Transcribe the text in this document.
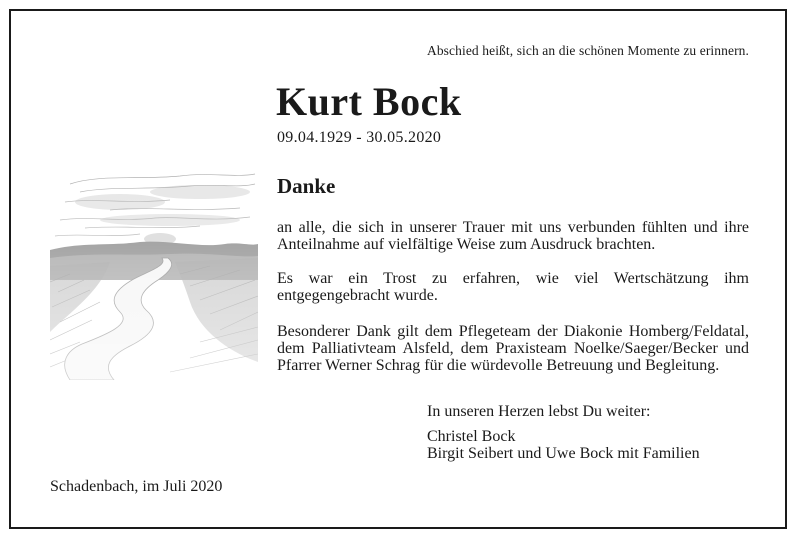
Abschied heißt, sich an die schönen Momente zu erinnern.
Kurt Bock
09.04.1929 - 30.05.2020
Danke
an alle, die sich in unserer Trauer mit uns verbunden fühlten und ihre Anteilnahme auf vielfältige Weise zum Ausdruck brachten.
Es war ein Trost zu erfahren, wie viel Wertschätzung ihm entgegengebracht wurde.
Besonderer Dank gilt dem Pflegeteam der Diakonie Homberg/Feldatal, dem Palliativteam Alsfeld, dem Praxisteam Noelke/Saeger/Becker und Pfarrer Werner Schrag für die würdevolle Betreuung und Begleitung.
In unseren Herzen lebst Du weiter:
Christel Bock
Birgit Seibert und Uwe Bock mit Familien
Schadenbach, im Juli 2020
